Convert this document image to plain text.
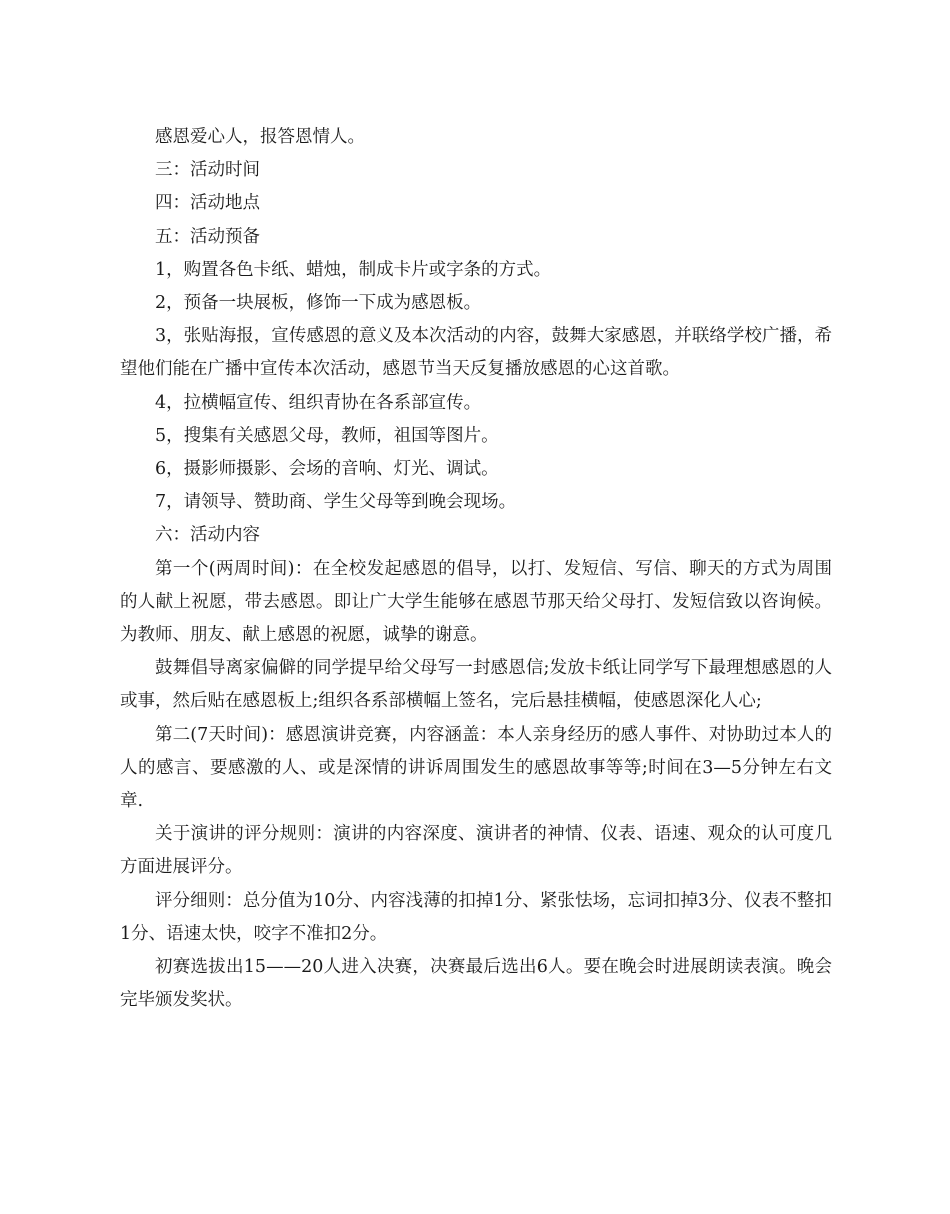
感恩爱心人，报答恩情人。

三：活动时间

四：活动地点

五：活动预备

1，购置各色卡纸、蜡烛，制成卡片或字条的方式。

2，预备一块展板，修饰一下成为感恩板。

3，张贴海报，宣传感恩的意义及本次活动的内容，鼓舞大家感恩，并联络学校广播，希望他们能在广播中宣传本次活动，感恩节当天反复播放感恩的心这首歌。

4，拉横幅宣传、组织青协在各系部宣传。

5，搜集有关感恩父母，教师，祖国等图片。

6，摄影师摄影、会场的音响、灯光、调试。

7，请领导、赞助商、学生父母等到晚会现场。

六：活动内容

第一个(两周时间)：在全校发起感恩的倡导，以打、发短信、写信、聊天的方式为周围的人献上祝愿，带去感恩。即让广大学生能够在感恩节那天给父母打、发短信致以咨询候。为教师、朋友、献上感恩的祝愿，诚挚的谢意。

鼓舞倡导离家偏僻的同学提早给父母写一封感恩信;发放卡纸让同学写下最理想感恩的人或事，然后贴在感恩板上;组织各系部横幅上签名，完后悬挂横幅，使感恩深化人心;

第二(7天时间)：感恩演讲竞赛，内容涵盖：本人亲身经历的感人事件、对协助过本人的人的感言、要感激的人、或是深情的讲诉周围发生的感恩故事等等;时间在3—5分钟左右文章.

关于演讲的评分规则：演讲的内容深度、演讲者的神情、仪表、语速、观众的认可度几方面进展评分。

评分细则：总分值为10分、内容浅薄的扣掉1分、紧张怯场，忘词扣掉3分、仪表不整扣1分、语速太快，咬字不准扣2分。

初赛选拔出15——20人进入决赛，决赛最后选出6人。要在晚会时进展朗读表演。晚会完毕颁发奖状。
